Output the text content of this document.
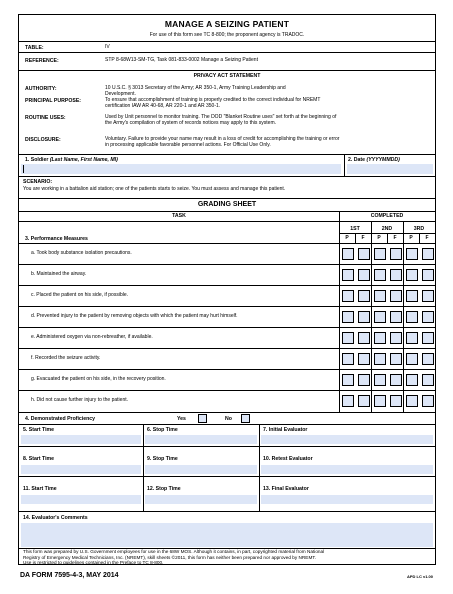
MANAGE A SEIZING PATIENT
For use of this form see TC 8-800; the proponent agency is TRADOC.
TABLE:	IV
REFERENCE:	STP 8-68W13-SM-TG, Task 081-833-0002 Manage a Seizing Patient
PRIVACY ACT STATEMENT
AUTHORITY:	10 U.S.C. § 3013 Secretary of the Army; AR 350-1, Army Training Leadership and
Development.
PRINCIPAL PURPOSE:	To ensure that accomplishment of training is properly credited to the correct individual for NREMT
certification IAW AR 40-68, AR 220-1 and AR 350-1.
ROUTINE USES:	Used by Unit personnel to monitor training. The DOD "Blanket Routine uses" set forth at the beginning of
the Army's compilation of system of records notices may apply to this system.
DISCLOSURE:	Voluntary. Failure to provide your name may result in a loss of credit for accomplishing the training or error
in processing applicable favorable personnel actions. For Official Use Only.
1. Soldier (Last Name, First Name, MI)	2. Date (YYYYMMDD)
SCENARIO:
You are working in a battalion aid station; one of the patients starts to seize. You must assess and manage this patient.
GRADING SHEET
TASK	COMPLETED
1ST	2ND	3RD
P	F	P	F	P	F
3. Performance Measures
a. Took body substance isolation precautions.
b. Maintained the airway.
c. Placed the patient on his side, if possible.
d. Prevented injury to the patient by removing objects with which the patient may hurt himself.
e. Administered oxygen via non-rebreather, if available.
f. Recorded the seizure activity.
g. Evacuated the patient on his side, in the recovery position.
h. Did not cause further injury to the patient.
4. Demonstrated Proficiency	Yes	No
5. Start Time	6. Stop Time	7. Initial Evaluator
8. Start Time	9. Stop Time	10. Retest Evaluator
11. Start Time	12. Stop Time	13. Final Evaluator
14. Evaluator's Comments
This form was prepared by U.S. Government employees for use in the 68W MOS. Although it contains, in part, copyrighted material from National
Registry of Emergency Medical Technicians, Inc. (NREMT), skill sheets ©2011, this form has neither been prepared nor approved by NREMT.
Use is restricted to guidelines contained in the Preface to TC 8-800.
DA FORM 7595-4-3, MAY 2014	APD LC v1.00
